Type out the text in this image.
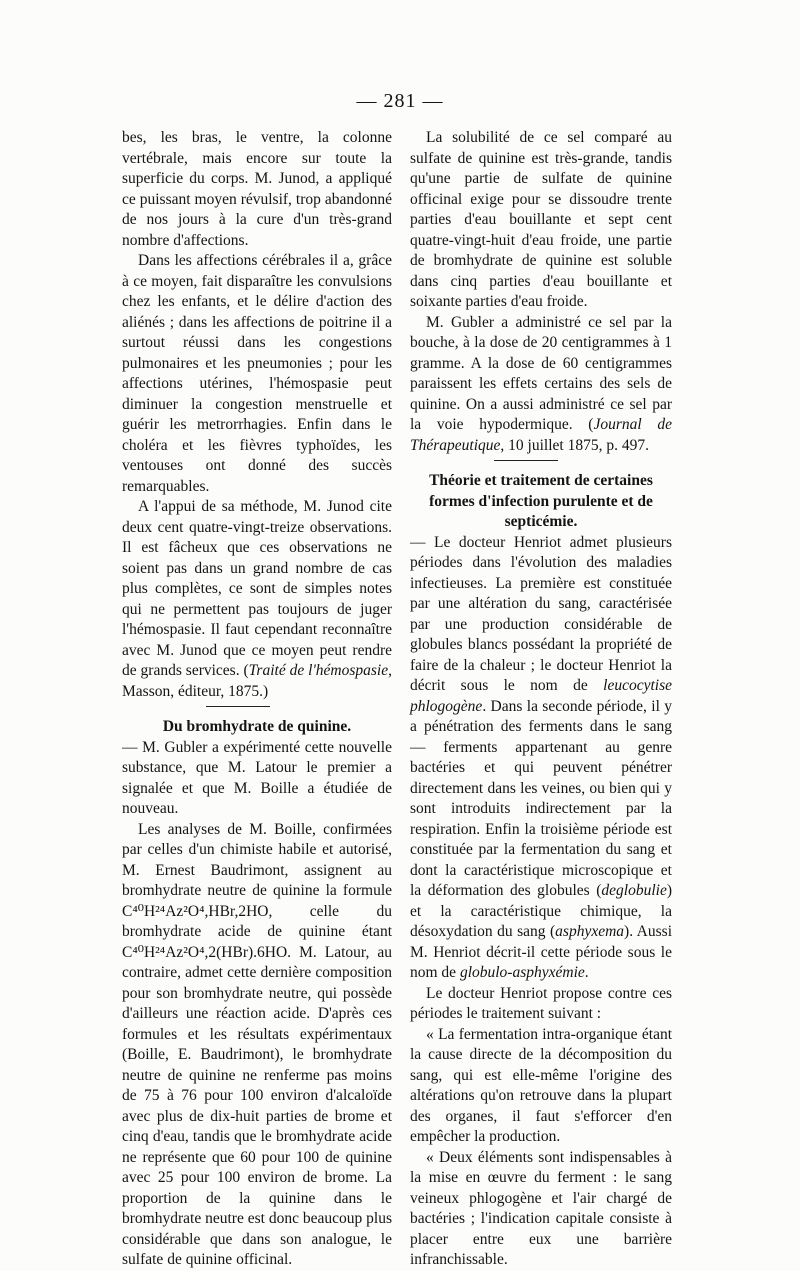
— 281 —

bes, les bras, le ventre, la colonne vertébrale, mais encore sur toute la superficie du corps. M. Junod, a appliqué ce puissant moyen révulsif, trop abandonné de nos jours à la cure d'un très-grand nombre d'affections.

Dans les affections cérébrales il a, grâce à ce moyen, fait disparaître les convulsions chez les enfants, et le délire d'action des aliénés ; dans les affections de poitrine il a surtout réussi dans les congestions pulmonaires et les pneumonies ; pour les affections utérines, l'hémospasie peut diminuer la congestion menstruelle et guérir les metrorrhagies. Enfin dans le choléra et les fièvres typhoïdes, les ventouses ont donné des succès remarquables.

A l'appui de sa méthode, M. Junod cite deux cent quatre-vingt-treize observations. Il est fâcheux que ces observations ne soient pas dans un grand nombre de cas plus complètes, ce sont de simples notes qui ne permettent pas toujours de juger l'hémospasie. Il faut cependant reconnaître avec M. Junod que ce moyen peut rendre de grands services. (Traité de l'hémospasie, Masson, éditeur, 1875.)

Du bromhydrate de quinine.

— M. Gubler a expérimenté cette nouvelle substance, que M. Latour le premier a signalée et que M. Boille a étudiée de nouveau.

Les analyses de M. Boille, confirmées par celles d'un chimiste habile et autorisé, M. Ernest Baudrimont, assignent au bromhydrate neutre de quinine la formule C⁴⁰H²⁴Az²O⁴,HBr,2HO, celle du bromhydrate acide de quinine étant C⁴⁰H²⁴Az²O⁴,2(HBr).6HO. M. Latour, au contraire, admet cette dernière composition pour son bromhydrate neutre, qui possède d'ailleurs une réaction acide. D'après ces formules et les résultats expérimentaux (Boille, E. Baudrimont), le bromhydrate neutre de quinine ne renferme pas moins de 75 à 76 pour 100 environ d'alcaloïde avec plus de dix-huit parties de brome et cinq d'eau, tandis que le bromhydrate acide ne représente que 60 pour 100 de quinine avec 25 pour 100 environ de brome. La proportion de la quinine dans le bromhydrate neutre est donc beaucoup plus considérable que dans son analogue, le sulfate de quinine officinal.

La solubilité de ce sel comparé au sulfate de quinine est très-grande, tandis qu'une partie de sulfate de quinine officinal exige pour se dissoudre trente parties d'eau bouillante et sept cent quatre-vingt-huit d'eau froide, une partie de bromhydrate de quinine est soluble dans cinq parties d'eau bouillante et soixante parties d'eau froide.

M. Gubler a administré ce sel par la bouche, à la dose de 20 centigrammes à 1 gramme. A la dose de 60 centigrammes paraissent les effets certains des sels de quinine. On a aussi administré ce sel par la voie hypodermique. (Journal de Thérapeutique, 10 juillet 1875, p. 497.

Théorie et traitement de certaines formes d'infection purulente et de septicémie.

— Le docteur Henriot admet plusieurs périodes dans l'évolution des maladies infectieuses. La première est constituée par une altération du sang, caractérisée par une production considérable de globules blancs possédant la propriété de faire de la chaleur ; le docteur Henriot la décrit sous le nom de leucocytise phlogogène. Dans la seconde période, il y a pénétration des ferments dans le sang — ferments appartenant au genre bactéries et qui peuvent pénétrer directement dans les veines, ou bien qui y sont introduits indirectement par la respiration. Enfin la troisième période est constituée par la fermentation du sang et dont la caractéristique microscopique et la déformation des globules (deglobulie) et la caractéristique chimique, la désoxydation du sang (asphyxema). Aussi M. Henriot décrit-il cette période sous le nom de globulo-asphyxémie.

Le docteur Henriot propose contre ces périodes le traitement suivant :

« La fermentation intra-organique étant la cause directe de la décomposition du sang, qui est elle-même l'origine des altérations qu'on retrouve dans la plupart des organes, il faut s'efforcer d'en empêcher la production.

« Deux éléments sont indispensables à la mise en œuvre du ferment : le sang veineux phlogogène et l'air chargé de bactéries ; l'indication capitale consiste à placer entre eux une barrière infranchissable.
